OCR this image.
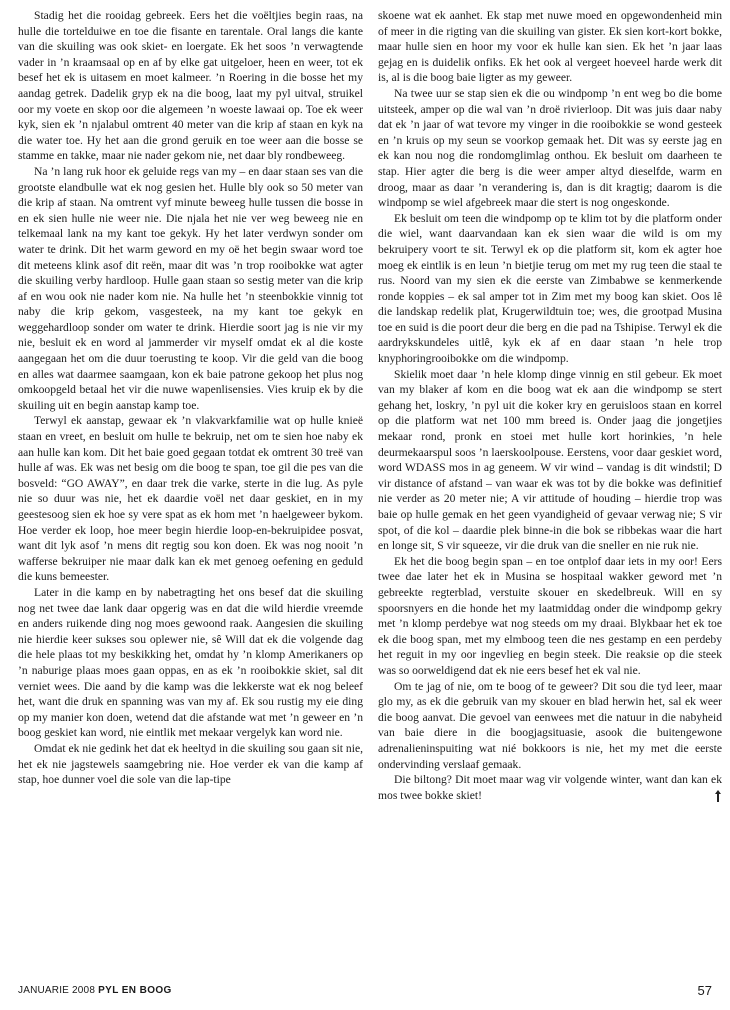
Stadig het die rooidag gebreek. Eers het die voëltjies begin raas, na hulle die tortelduiwe en toe die fisante en tarentale. Oral langs die kante van die skuiling was ook skiet- en loergate. Ek het soos ’n verwagtende vader in ’n kraamsaal op en af by elke gat uitgeloer, heen en weer, tot ek besef het ek is uitasem en moet kalmeer. ’n Roering in die bosse het my aandag getrek. Dadelik gryp ek na die boog, laat my pyl uitval, struikel oor my voete en skop oor die algemeen ’n woeste lawaai op. Toe ek weer kyk, sien ek ’n njalabul omtrent 40 meter van die krip af staan en kyk na die water toe. Hy het aan die grond geruik en toe weer aan die bosse se stamme en takke, maar nie nader gekom nie, net daar bly rondbeweeg.

Na ’n lang ruk hoor ek geluide regs van my – en daar staan ses van die grootste elandbulle wat ek nog gesien het. Hulle bly ook so 50 meter van die krip af staan. Na omtrent vyf minute beweeg hulle tussen die bosse in en ek sien hulle nie weer nie. Die njala het nie ver weg beweeg nie en telkemaal lank na my kant toe gekyk. Hy het later verdwyn sonder om water te drink. Dit het warm geword en my oë het begin swaar word toe dit meteens klink asof dit reën, maar dit was ’n trop rooibokke wat agter die skuiling verby hardloop. Hulle gaan staan so sestig meter van die krip af en wou ook nie nader kom nie. Na hulle het ’n steenbokkie vinnig tot naby die krip gekom, vasgesteek, na my kant toe gekyk en weggehardloop sonder om water te drink. Hierdie soort jag is nie vir my nie, besluit ek en word al jammerder vir myself omdat ek al die koste aangegaan het om die duur toerusting te koop. Vir die geld van die boog en alles wat daarmee saamgaan, kon ek baie patrone gekoop het plus nog omkoopgeld betaal het vir die nuwe wapenlisensies. Vies kruip ek by die skuiling uit en begin aanstap kamp toe.

Terwyl ek aanstap, gewaar ek ’n vlakvarkfamilie wat op hulle knieë staan en vreet, en besluit om hulle te bekruip, net om te sien hoe naby ek aan hulle kan kom. Dit het baie goed gegaan totdat ek omtrent 30 treë van hulle af was. Ek was net besig om die boog te span, toe gil die pes van die bosveld: “GO AWAY”, en daar trek die varke, sterte in die lug. As pyle nie so duur was nie, het ek daardie voël net daar geskiet, en in my geestesoog sien ek hoe sy vere spat as ek hom met ’n haelgeweer bykom. Hoe verder ek loop, hoe meer begin hierdie loop-en-bekruipidee posvat, want dit lyk asof ’n mens dit regtig sou kon doen. Ek was nog nooit ’n wafferse bekruiper nie maar dalk kan ek met genoeg oefening en geduld die kuns bemeester.

Later in die kamp en by nabetragting het ons besef dat die skuiling nog net twee dae lank daar opgerig was en dat die wild hierdie vreemde en anders ruikende ding nog moes gewoond raak. Aangesien die skuiling nie hierdie keer sukses sou oplewer nie, sê Will dat ek die volgende dag die hele plaas tot my beskikking het, omdat hy ’n klomp Amerikaners op ’n naburige plaas moes gaan oppas, en as ek ’n rooibokkie skiet, sal dit verniet wees. Die aand by die kamp was die lekkerste wat ek nog beleef het, want die druk en spanning was van my af. Ek sou rustig my eie ding op my manier kon doen, wetend dat die afstande wat met ’n geweer en ’n boog geskiet kan word, nie eintlik met mekaar vergelyk kan word nie.

Omdat ek nie gedink het dat ek heeltyd in die skuiling sou gaan sit nie, het ek nie jagstewels saamgebring nie. Hoe verder ek van die kamp af stap, hoe dunner voel die sole van die lap-tipe

skoene wat ek aanhet. Ek stap met nuwe moed en opgewondenheid min of meer in die rigting van die skuiling van gister. Ek sien kort-kort bokke, maar hulle sien en hoor my voor ek hulle kan sien. Ek het ’n jaar laas gejag en is duidelik onfiks. Ek het ook al vergeet hoeveel harde werk dit is, al is die boog baie ligter as my geweer.

Na twee uur se stap sien ek die ou windpomp ’n ent weg bo die bome uitsteek, amper op die wal van ’n droë rivierloop. Dit was juis daar naby dat ek ’n jaar of wat tevore my vinger in die rooibokkie se wond gesteek en ’n kruis op my seun se voorkop gemaak het. Dit was sy eerste jag en ek kan nou nog die rondomglimlag onthou. Ek besluit om daarheen te stap. Hier agter die berg is die weer amper altyd dieselfde, warm en droog, maar as daar ’n verandering is, dan is dit kragtig; daarom is die windpomp se wiel afgebreek maar die stert is nog ongeskonde.

Ek besluit om teen die windpomp op te klim tot by die platform onder die wiel, want daarvandaan kan ek sien waar die wild is om my bekruipery voort te sit. Terwyl ek op die platform sit, kom ek agter hoe moeg ek eintlik is en leun ’n bietjie terug om met my rug teen die staal te rus. Noord van my sien ek die eerste van Zimbabwe se kenmerkende ronde koppies – ek sal amper tot in Zim met my boog kan skiet. Oos lê die landskap redelik plat, Krugerwildtuin toe; wes, die grootpad Musina toe en suid is die poort deur die berg en die pad na Tshipise. Terwyl ek die aardrykskundeles uitlê, kyk ek af en daar staan ’n hele trop knyphoringrooibokke om die windpomp.

Skielik moet daar ’n hele klomp dinge vinnig en stil gebeur. Ek moet van my blaker af kom en die boog wat ek aan die windpomp se stert gehang het, loskry, ’n pyl uit die koker kry en geruisloos staan en korrel op die platform wat net 100 mm breed is. Onder jaag die jongetjies mekaar rond, pronk en stoei met hulle kort horinkies, ’n hele deurmekaarspul soos ’n laerskoolpouse. Eerstens, voor daar geskiet word, word WDASS mos in ag geneem. W vir wind – vandag is dit windstil; D vir distance of afstand – van waar ek was tot by die bokke was definitief nie verder as 20 meter nie; A vir attitude of houding – hierdie trop was baie op hulle gemak en het geen vyandigheid of gevaar verwag nie; S vir spot, of die kol – daardie plek binne-in die bok se ribbekas waar die hart en longe sit, S vir squeeze, vir die druk van die sneller en nie ruk nie.

Ek het die boog begin span – en toe ontplof daar iets in my oor! Eers twee dae later het ek in Musina se hospitaal wakker geword met ’n gebreekte regterblad, verstuite skouer en skedelbreuk. Will en sy spoorsnyers en die honde het my laatmiddag onder die windpomp gekry met ’n klomp perdebye wat nog steeds om my draai. Blykbaar het ek toe ek die boog span, met my elmboog teen die nes gestamp en een perdeby het reguit in my oor ingevlieg en begin steek. Die reaksie op die steek was so oorweldigend dat ek nie eers besef het ek val nie.

Om te jag of nie, om te boog of te geweer? Dit sou die tyd leer, maar glo my, as ek die gebruik van my skouer en blad herwin het, sal ek weer die boog aanvat. Die gevoel van eenwees met die natuur in die nabyheid van baie diere in die boogjagsituasie, asook die buitengewone adrenalieninspuiting wat nié bokkoors is nie, het my met die eerste ondervinding verslaaf gemaak.

Die biltong? Dit moet maar wag vir volgende winter, want dan kan ek mos twee bokke skiet!

JANUARIE 2008 PYL EN BOOG	57
